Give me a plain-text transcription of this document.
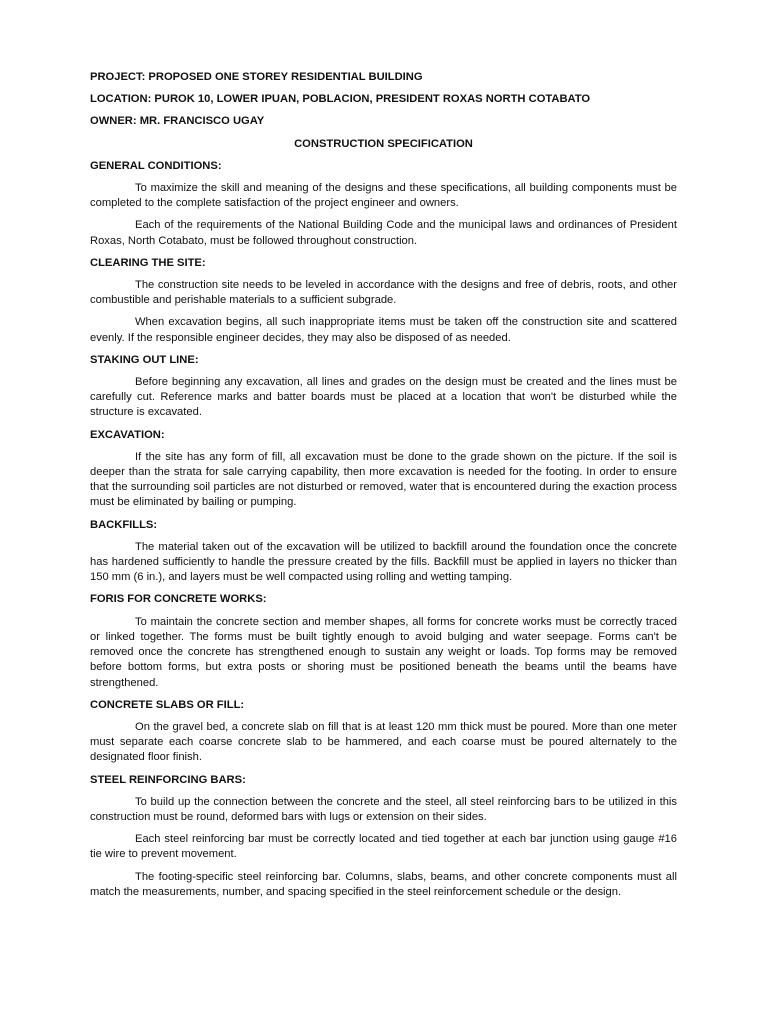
PROJECT: PROPOSED ONE STOREY RESIDENTIAL BUILDING
LOCATION: PUROK 10, LOWER IPUAN, POBLACION, PRESIDENT ROXAS NORTH COTABATO
OWNER: MR. FRANCISCO UGAY
CONSTRUCTION SPECIFICATION
GENERAL CONDITIONS:

To maximize the skill and meaning of the designs and these specifications, all building components must be completed to the complete satisfaction of the project engineer and owners.

Each of the requirements of the National Building Code and the municipal laws and ordinances of President Roxas, North Cotabato, must be followed throughout construction.

CLEARING THE SITE:

The construction site needs to be leveled in accordance with the designs and free of debris, roots, and other combustible and perishable materials to a sufficient subgrade.

When excavation begins, all such inappropriate items must be taken off the construction site and scattered evenly. If the responsible engineer decides, they may also be disposed of as needed.

STAKING OUT LINE:

Before beginning any excavation, all lines and grades on the design must be created and the lines must be carefully cut. Reference marks and batter boards must be placed at a location that won't be disturbed while the structure is excavated.

EXCAVATION:

If the site has any form of fill, all excavation must be done to the grade shown on the picture. If the soil is deeper than the strata for sale carrying capability, then more excavation is needed for the footing. In order to ensure that the surrounding soil particles are not disturbed or removed, water that is encountered during the exaction process must be eliminated by bailing or pumping.

BACKFILLS:

The material taken out of the excavation will be utilized to backfill around the foundation once the concrete has hardened sufficiently to handle the pressure created by the fills. Backfill must be applied in layers no thicker than 150 mm (6 in.), and layers must be well compacted using rolling and wetting tamping.

FORIS FOR CONCRETE WORKS:

To maintain the concrete section and member shapes, all forms for concrete works must be correctly traced or linked together. The forms must be built tightly enough to avoid bulging and water seepage. Forms can't be removed once the concrete has strengthened enough to sustain any weight or loads. Top forms may be removed before bottom forms, but extra posts or shoring must be positioned beneath the beams until the beams have strengthened.

CONCRETE SLABS OR FILL:

On the gravel bed, a concrete slab on fill that is at least 120 mm thick must be poured. More than one meter must separate each coarse concrete slab to be hammered, and each coarse must be poured alternately to the designated floor finish.

STEEL REINFORCING BARS:

To build up the connection between the concrete and the steel, all steel reinforcing bars to be utilized in this construction must be round, deformed bars with lugs or extension on their sides.

Each steel reinforcing bar must be correctly located and tied together at each bar junction using gauge #16 tie wire to prevent movement.

The footing-specific steel reinforcing bar. Columns, slabs, beams, and other concrete components must all match the measurements, number, and spacing specified in the steel reinforcement schedule or the design.
